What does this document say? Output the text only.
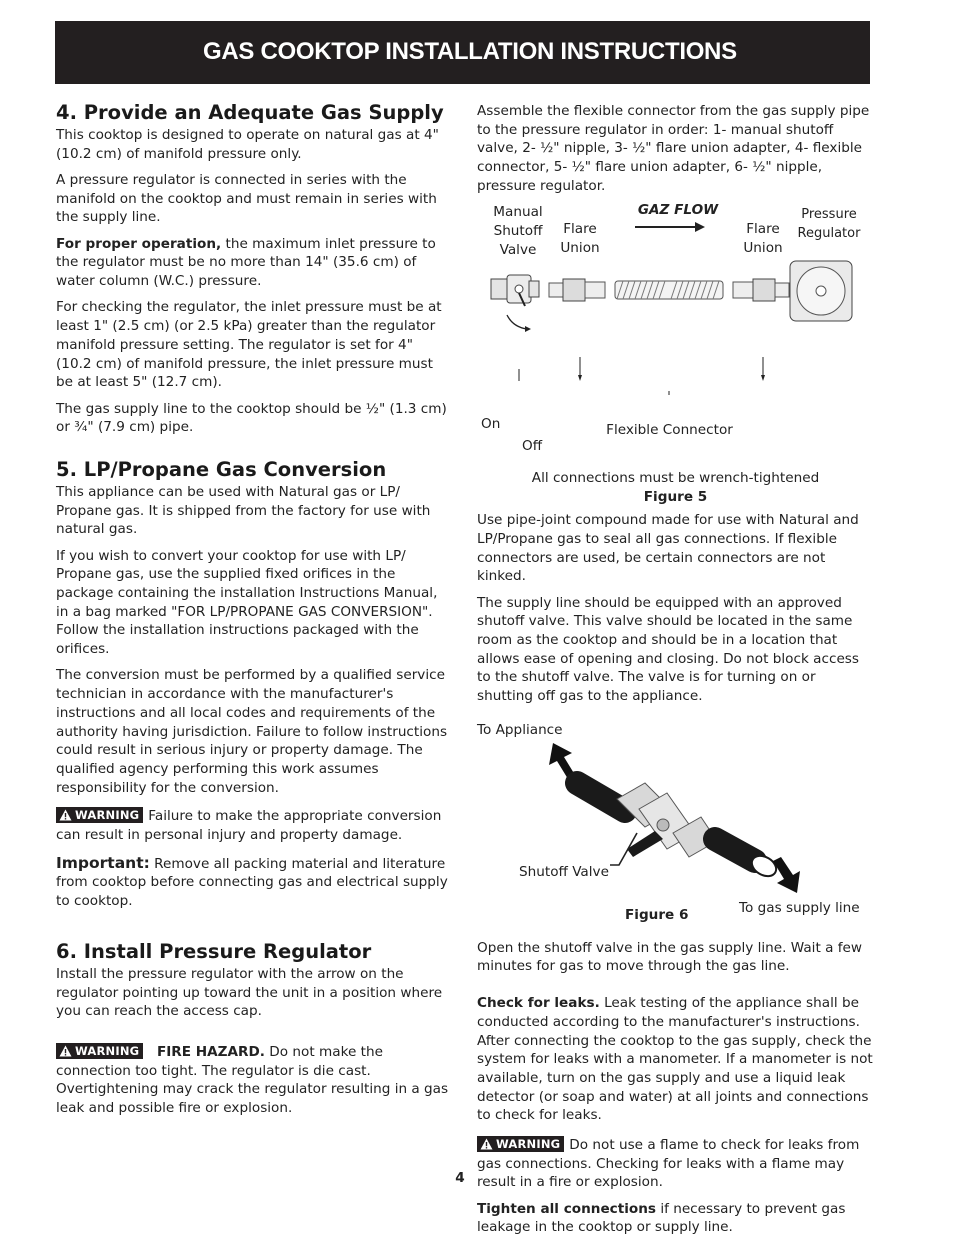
GAS COOKTOP INSTALLATION INSTRUCTIONS
4. Provide an Adequate Gas Supply

This cooktop is designed to operate on natural gas at 4" (10.2 cm) of manifold pressure only.

A pressure regulator is connected in series with the manifold on the cooktop and must remain in series with the supply line.

For proper operation, the maximum inlet pressure to the regulator must be no more than 14" (35.6 cm) of water column (W.C.) pressure.

For checking the regulator, the inlet pressure must be at least 1" (2.5 cm) (or 2.5 kPa) greater than the regulator manifold pressure setting. The regulator is set for 4" (10.2 cm) of manifold pressure, the inlet pressure must be at least 5" (12.7 cm).

The gas supply line to the cooktop should be ½" (1.3 cm) or ¾" (7.9 cm) pipe.

5. LP/Propane Gas Conversion

This appliance can be used with Natural gas or LP/ Propane gas. It is shipped from the factory for use with natural gas.

If you wish to convert your cooktop for use with LP/ Propane gas, use the supplied fixed orifices in the package containing the installation Instructions Manual, in a bag marked "FOR LP/PROPANE GAS CONVERSION". Follow the installation instructions packaged with the orifices.

The conversion must be performed by a qualified service technician in accordance with the manufacturer's instructions and all local codes and requirements of the authority having jurisdiction. Failure to follow instructions could result in serious injury or property damage. The qualified agency performing this work assumes responsibility for the conversion.

WARNING Failure to make the appropriate conversion can result in personal injury and property damage.

Important: Remove all packing material and literature from cooktop before connecting gas and electrical supply to cooktop.

6. Install Pressure Regulator

Install the pressure regulator with the arrow on the regulator pointing up toward the unit in a position where you can reach the access cap.

WARNING FIRE HAZARD. Do not make the connection too tight. The regulator is die cast. Overtightening may crack the regulator resulting in a gas leak and possible fire or explosion.

Assemble the flexible connector from the gas supply pipe to the pressure regulator in order: 1- manual shutoff valve, 2- ½" nipple, 3- ½" flare union adapter, 4- flexible connector, 5- ½" flare union adapter, 6- ½" nipple, pressure regulator.

Manual Shutoff Valve
Flare Union
GAZ FLOW
Flare Union
Pressure Regulator
On
Off
Flexible Connector
All connections must be wrench-tightened
Figure 5

Use pipe-joint compound made for use with Natural and LP/Propane gas to seal all gas connections. If flexible connectors are used, be certain connectors are not kinked.

The supply line should be equipped with an approved shutoff valve. This valve should be located in the same room as the cooktop and should be in a location that allows ease of opening and closing. Do not block access to the shutoff valve. The valve is for turning on or shutting off gas to the appliance.

To Appliance
Shutoff Valve
To gas supply line
Figure 6

Open the shutoff valve in the gas supply line. Wait a few minutes for gas to move through the gas line.

Check for leaks. Leak testing of the appliance shall be conducted according to the manufacturer's instructions. After connecting the cooktop to the gas supply, check the system for leaks with a manometer. If a manometer is not available, turn on the gas supply and use a liquid leak detector (or soap and water) at all joints and connections to check for leaks.

WARNING Do not use a flame to check for leaks from gas connections. Checking for leaks with a flame may result in a fire or explosion.

Tighten all connections if necessary to prevent gas leakage in the cooktop or supply line.

4
